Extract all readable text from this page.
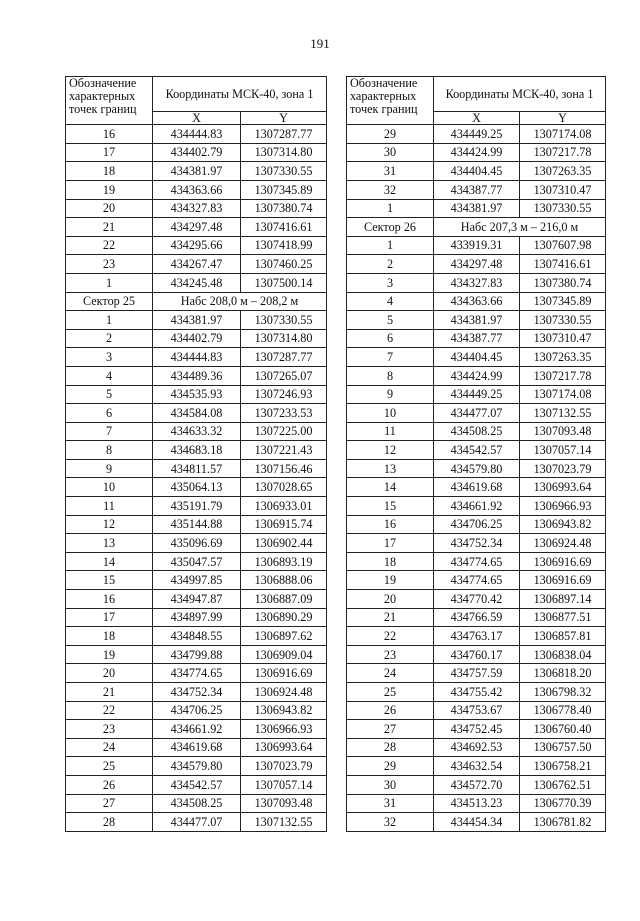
191
Обозначение характерных точек границ	Координаты МСК-40, зона 1	
	X	Y
16	434444.83	1307287.77
17	434402.79	1307314.80
18	434381.97	1307330.55
19	434363.66	1307345.89
20	434327.83	1307380.74
21	434297.48	1307416.61
22	434295.66	1307418.99
23	434267.47	1307460.25
1	434245.48	1307500.14
Сектор 25	Набс 208,0 м – 208,2 м	
1	434381.97	1307330.55
2	434402.79	1307314.80
3	434444.83	1307287.77
4	434489.36	1307265.07
5	434535.93	1307246.93
6	434584.08	1307233.53
7	434633.32	1307225.00
8	434683.18	1307221.43
9	434811.57	1307156.46
10	435064.13	1307028.65
11	435191.79	1306933.01
12	435144.88	1306915.74
13	435096.69	1306902.44
14	435047.57	1306893.19
15	434997.85	1306888.06
16	434947.87	1306887.09
17	434897.99	1306890.29
18	434848.55	1306897.62
19	434799.88	1306909.04
20	434774.65	1306916.69
21	434752.34	1306924.48
22	434706.25	1306943.82
23	434661.92	1306966.93
24	434619.68	1306993.64
25	434579.80	1307023.79
26	434542.57	1307057.14
27	434508.25	1307093.48
28	434477.07	1307132.55
Обозначение характерных точек границ	Координаты МСК-40, зона 1	
	X	Y
29	434449.25	1307174.08
30	434424.99	1307217.78
31	434404.45	1307263.35
32	434387.77	1307310.47
1	434381.97	1307330.55
Сектор 26	Набс 207,3 м – 216,0 м	
1	433919.31	1307607.98
2	434297.48	1307416.61
3	434327.83	1307380.74
4	434363.66	1307345.89
5	434381.97	1307330.55
6	434387.77	1307310.47
7	434404.45	1307263.35
8	434424.99	1307217.78
9	434449.25	1307174.08
10	434477.07	1307132.55
11	434508.25	1307093.48
12	434542.57	1307057.14
13	434579.80	1307023.79
14	434619.68	1306993.64
15	434661.92	1306966.93
16	434706.25	1306943.82
17	434752.34	1306924.48
18	434774.65	1306916.69
19	434774.65	1306916.69
20	434770.42	1306897.14
21	434766.59	1306877.51
22	434763.17	1306857.81
23	434760.17	1306838.04
24	434757.59	1306818.20
25	434755.42	1306798.32
26	434753.67	1306778.40
27	434752.45	1306760.40
28	434692.53	1306757.50
29	434632.54	1306758.21
30	434572.70	1306762.51
31	434513.23	1306770.39
32	434454.34	1306781.82
